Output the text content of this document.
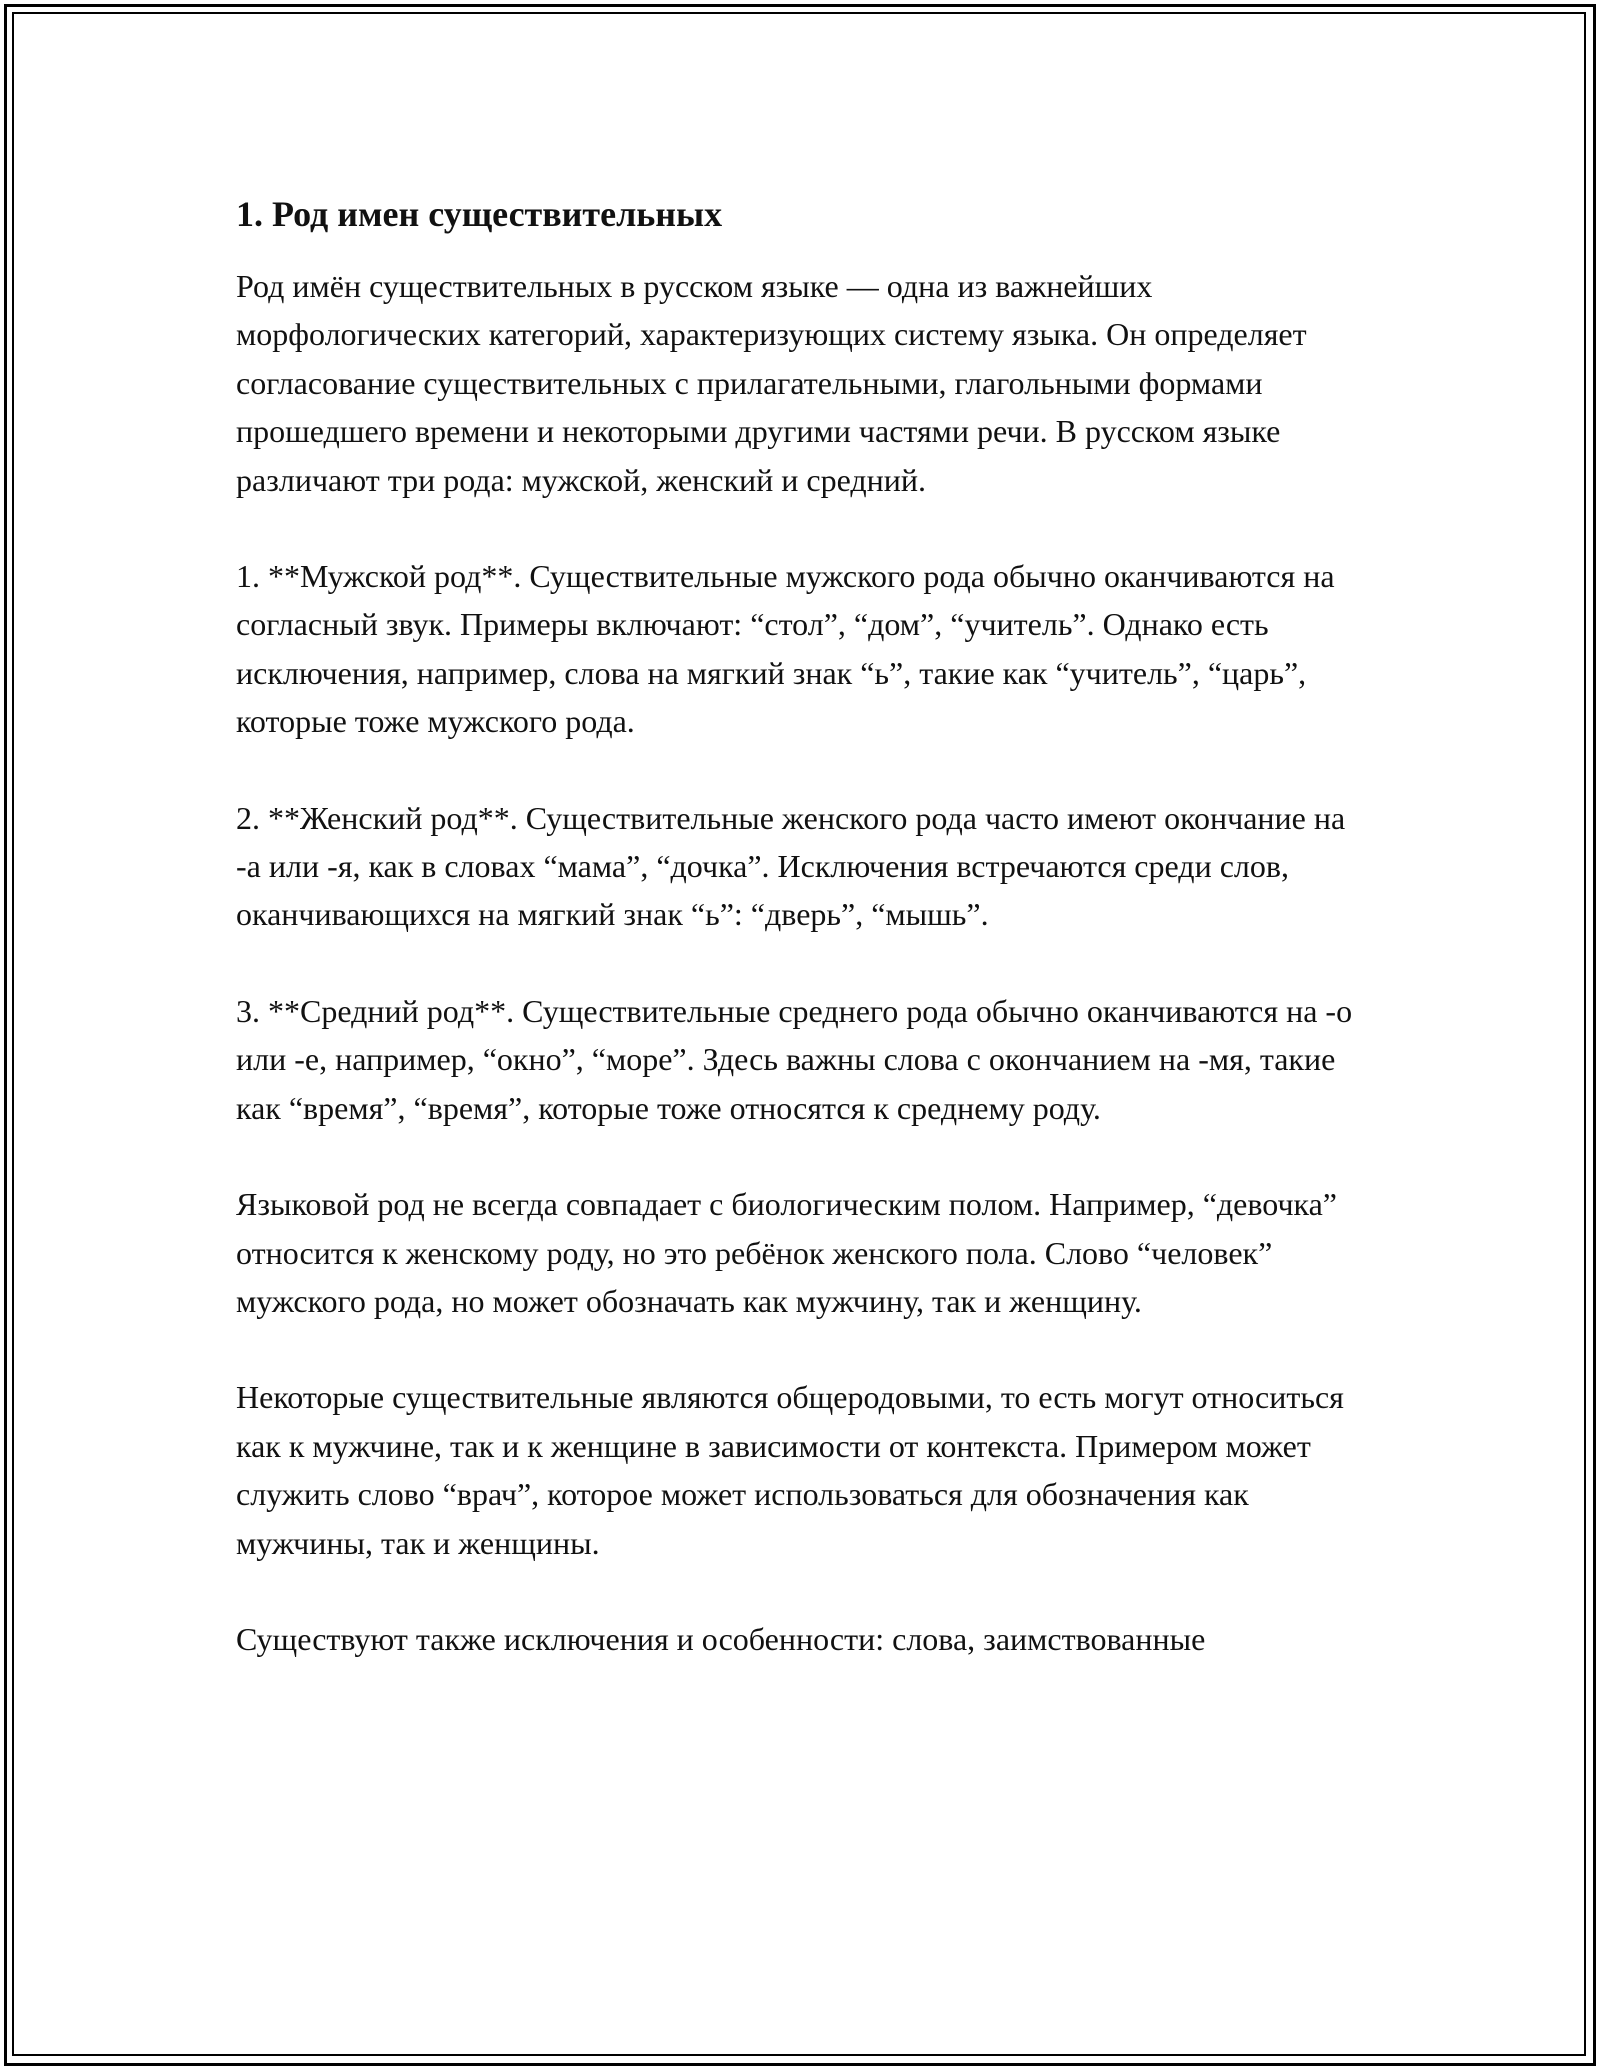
1. Род имен существительных

Род имён существительных в русском языке — одна из важнейших морфологических категорий, характеризующих систему языка. Он определяет согласование существительных с прилагательными, глагольными формами прошедшего времени и некоторыми другими частями речи. В русском языке различают три рода: мужской, женский и средний.

1. **Мужской род**. Существительные мужского рода обычно оканчиваются на согласный звук. Примеры включают: “стол”, “дом”, “учитель”. Однако есть исключения, например, слова на мягкий знак “ь”, такие как “учитель”, “царь”, которые тоже мужского рода.

2. **Женский род**. Существительные женского рода часто имеют окончание на -а или -я, как в словах “мама”, “дочка”. Исключения встречаются среди слов, оканчивающихся на мягкий знак “ь”: “дверь”, “мышь”.

3. **Средний род**. Существительные среднего рода обычно оканчиваются на -о или -е, например, “окно”, “море”. Здесь важны слова с окончанием на -мя, такие как “время”, “время”, которые тоже относятся к среднему роду.

Языковой род не всегда совпадает с биологическим полом. Например, “девочка” относится к женскому роду, но это ребёнок женского пола. Слово “человек” мужского рода, но может обозначать как мужчину, так и женщину.

Некоторые существительные являются общеродовыми, то есть могут относиться как к мужчине, так и к женщине в зависимости от контекста. Примером может служить слово “врач”, которое может использоваться для обозначения как мужчины, так и женщины.

Существуют также исключения и особенности: слова, заимствованные
